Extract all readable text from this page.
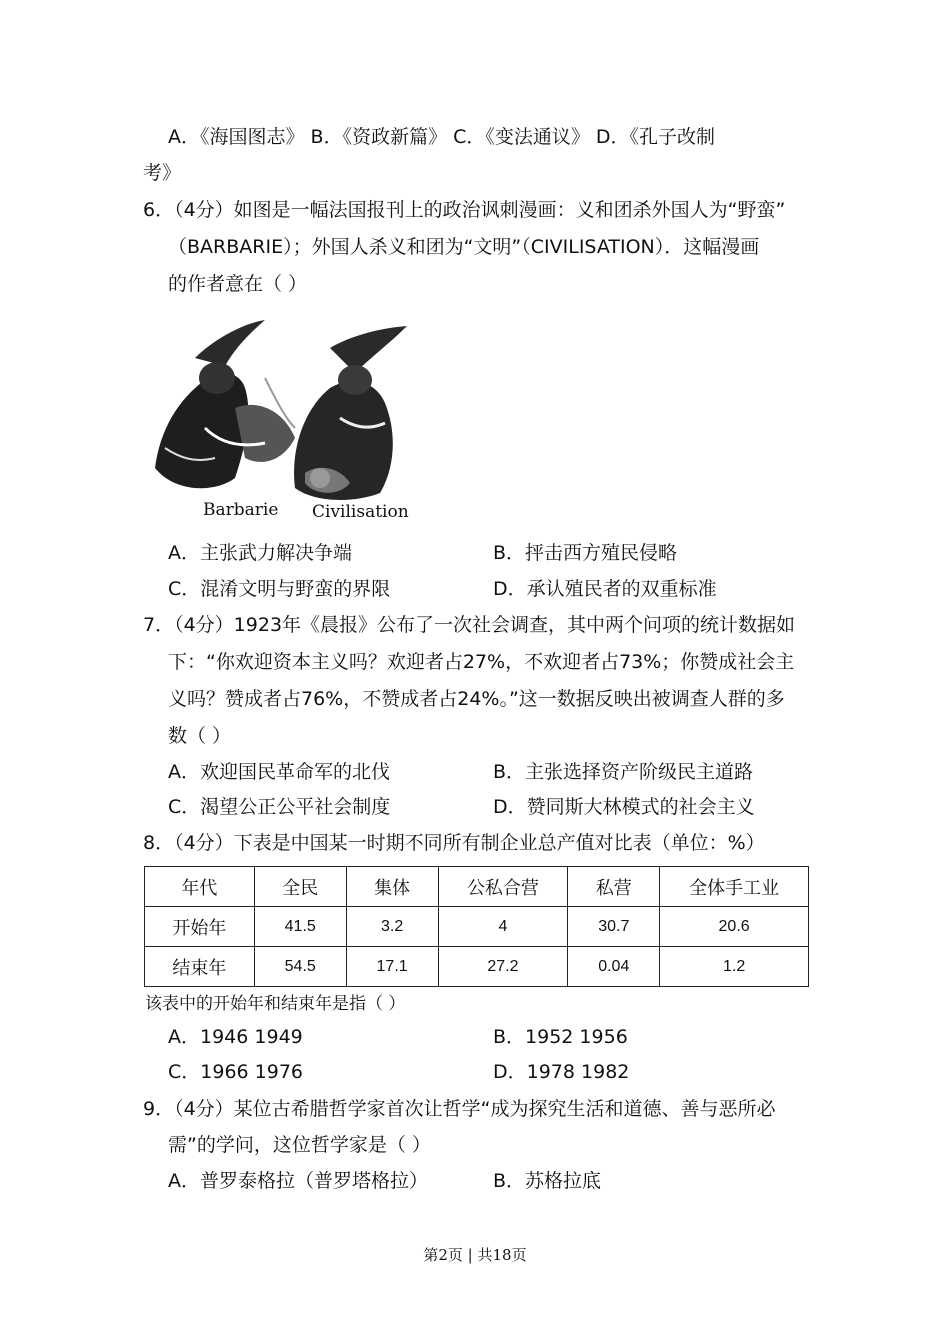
A．《海国图志》 B．《资政新篇》 C．《变法通议》 D．《孔子改制
考》
6．（4分）如图是一幅法国报刊上的政治讽刺漫画：义和团杀外国人为“野蛮”
（BARBARIE）；外国人杀义和团为“文明”（CIVILISATION）．这幅漫画
的作者意在（ ）
Barbarie Civilisation
A．主张武力解决争端	B．抨击西方殖民侵略
C．混淆文明与野蛮的界限	D．承认殖民者的双重标准
7．（4分）1923年《晨报》公布了一次社会调查，其中两个问项的统计数据如
下：“你欢迎资本主义吗？欢迎者占27%，不欢迎者占73%；你赞成社会主
义吗？赞成者占76%，不赞成者占24%。”这一数据反映出被调查人群的多
数（ ）
A．欢迎国民革命军的北伐	B．主张选择资产阶级民主道路
C．渴望公正公平社会制度	D．赞同斯大林模式的社会主义
8．（4分）下表是中国某一时期不同所有制企业总产值对比表（单位：%）
年代	全民	集体	公私合营	私营	全体手工业
开始年	41.5	3.2	4	30.7	20.6
结束年	54.5	17.1	27.2	0.04	1.2
该表中的开始年和结束年是指（ ）
A．1946 1949	B．1952 1956
C．1966 1976	D．1978 1982
9．（4分）某位古希腊哲学家首次让哲学“成为探究生活和道德、善与恶所必
需”的学问，这位哲学家是（ ）
A．普罗泰格拉（普罗塔格拉）	B．苏格拉底
第2页 | 共18页
